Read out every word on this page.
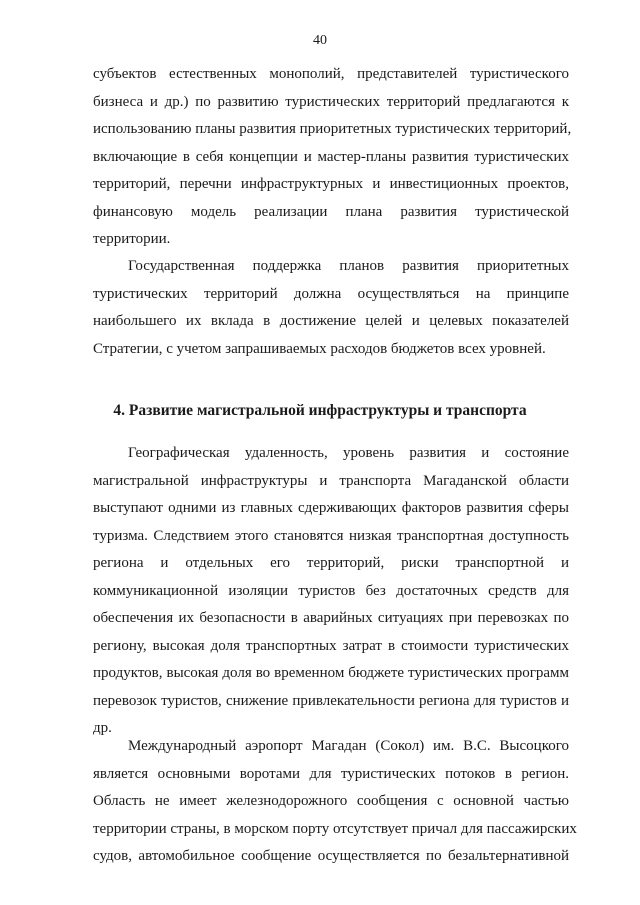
40
субъектов естественных монополий, представителей туристического
бизнеса и др.) по развитию туристических территорий предлагаются к
использованию планы развития приоритетных туристических территорий,
включающие в себя концепции и мастер-планы развития туристических
территорий, перечни инфраструктурных и инвестиционных проектов,
финансовую модель реализации плана развития туристической
территории.
Государственная поддержка планов развития приоритетных
туристических территорий должна осуществляться на принципе
наибольшего их вклада в достижение целей и целевых показателей
Стратегии, с учетом запрашиваемых расходов бюджетов всех уровней.
4. Развитие магистральной инфраструктуры и транспорта
Географическая удаленность, уровень развития и состояние
магистральной инфраструктуры и транспорта Магаданской области
выступают одними из главных сдерживающих факторов развития сферы
туризма. Следствием этого становятся низкая транспортная доступность
региона и отдельных его территорий, риски транспортной и
коммуникационной изоляции туристов без достаточных средств для
обеспечения их безопасности в аварийных ситуациях при перевозках по
региону, высокая доля транспортных затрат в стоимости туристических
продуктов, высокая доля во временном бюджете туристических программ
перевозок туристов, снижение привлекательности региона для туристов и
др.
Международный аэропорт Магадан (Сокол) им. В.С. Высоцкого
является основными воротами для туристических потоков в регион.
Область не имеет железнодорожного сообщения с основной частью
территории страны, в морском порту отсутствует причал для пассажирских
судов, автомобильное сообщение осуществляется по безальтернативной
